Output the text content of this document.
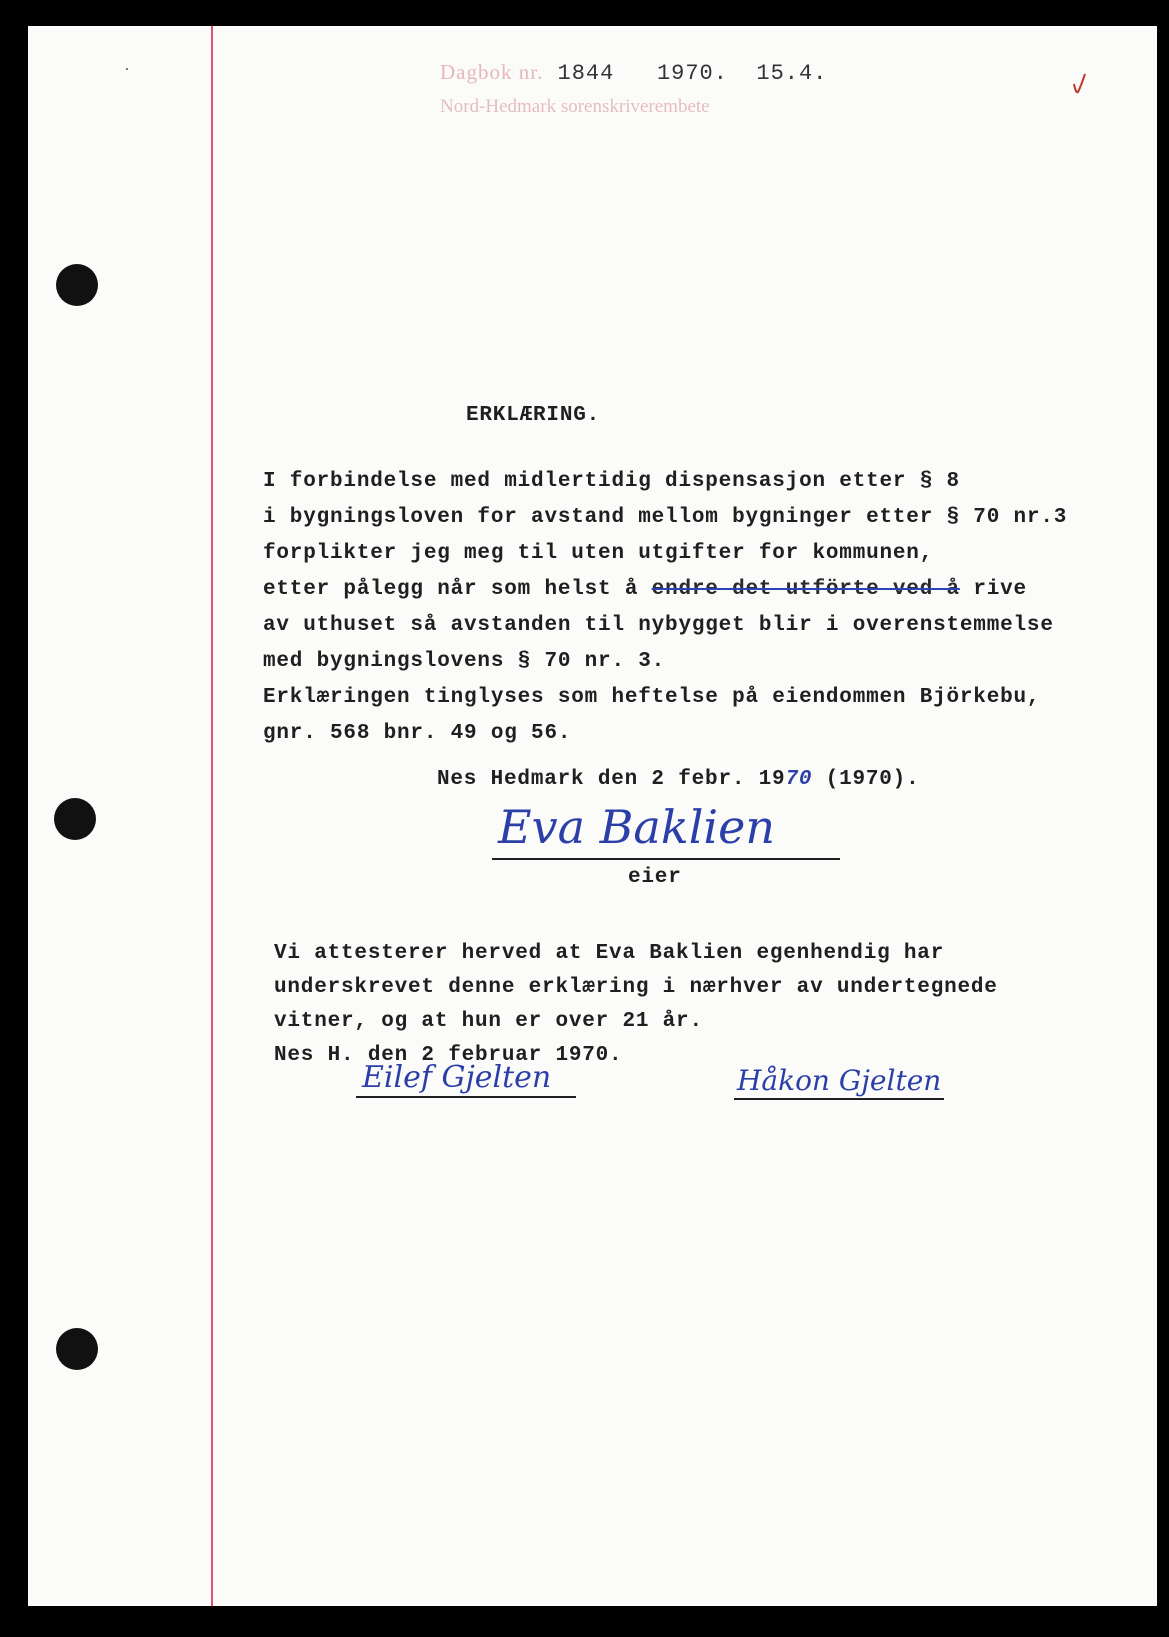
Dagbok nr. 1844 1970. 15.4.
Nord-Hedmark sorenskriverembete
ERKLÆRING.
I forbindelse med midlertidig dispensasjon etter § 8
i bygningsloven for avstand mellom bygninger etter § 70 nr.3
forplikter jeg meg til uten utgifter for kommunen,
etter pålegg når som helst å endre det utförte ved å rive
av uthuset så avstanden til nybygget blir i overenstemmelse
med bygningslovens § 70 nr. 3.
Erklæringen tinglyses som heftelse på eiendommen Björkebu,
gnr. 568 bnr. 49 og 56.
Nes Hedmark den 2 febr. 1970 (1970).
Eva Baklien
eier
Vi attesterer herved at Eva Baklien egenhendig har
underskrevet denne erklæring i nærhver av undertegnede
vitner, og at hun er over 21 år.
Nes H. den 2 februar 1970.
Eilef Gjelten	Håkon Gjelten
